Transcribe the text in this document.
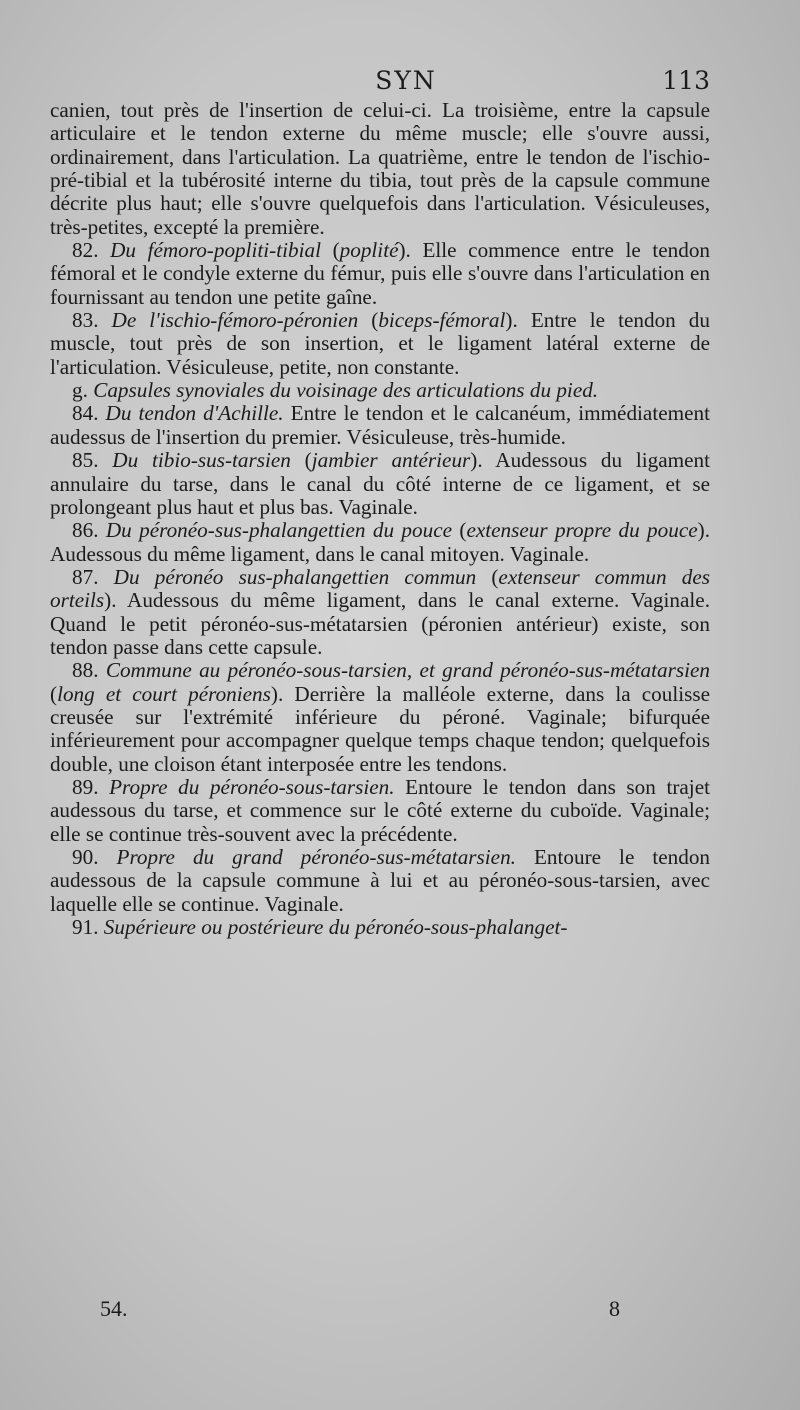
SYN	113

canien, tout près de l'insertion de celui-ci. La troisième, entre la capsule articulaire et le tendon externe du même muscle; elle s'ouvre aussi, ordinairement, dans l'articulation. La quatrième, entre le tendon de l'ischio-pré-tibial et la tubérosité interne du tibia, tout près de la capsule commune décrite plus haut; elle s'ouvre quelquefois dans l'articulation. Vésiculeuses, très-petites, excepté la première.

82. Du fémoro-popliti-tibial (poplité). Elle commence entre le tendon fémoral et le condyle externe du fémur, puis elle s'ouvre dans l'articulation en fournissant au tendon une petite gaîne.

83. De l'ischio-fémoro-péronien (biceps-fémoral). Entre le tendon du muscle, tout près de son insertion, et le ligament latéral externe de l'articulation. Vésiculeuse, petite, non constante.

g. Capsules synoviales du voisinage des articulations du pied.

84. Du tendon d'Achille. Entre le tendon et le calcanéum, immédiatement audessus de l'insertion du premier. Vésiculeuse, très-humide.

85. Du tibio-sus-tarsien (jambier antérieur). Audessous du ligament annulaire du tarse, dans le canal du côté interne de ce ligament, et se prolongeant plus haut et plus bas. Vaginale.

86. Du péronéo-sus-phalangettien du pouce (extenseur propre du pouce). Audessous du même ligament, dans le canal mitoyen. Vaginale.

87. Du péronéo sus-phalangettien commun (extenseur commun des orteils). Audessous du même ligament, dans le canal externe. Vaginale. Quand le petit péronéo-sus-métatarsien (péronien antérieur) existe, son tendon passe dans cette capsule.

88. Commune au péronéo-sous-tarsien, et grand péronéo-sus-métatarsien (long et court péroniens). Derrière la malléole externe, dans la coulisse creusée sur l'extrémité inférieure du péroné. Vaginale; bifurquée inférieurement pour accompagner quelque temps chaque tendon; quelquefois double, une cloison étant interposée entre les tendons.

89. Propre du péronéo-sous-tarsien. Entoure le tendon dans son trajet audessous du tarse, et commence sur le côté externe du cuboïde. Vaginale; elle se continue très-souvent avec la précédente.

90. Propre du grand péronéo-sus-métatarsien. Entoure le tendon audessous de la capsule commune à lui et au péronéo-sous-tarsien, avec laquelle elle se continue. Vaginale.

91. Supérieure ou postérieure du péronéo-sous-phalanget-

54.	8
